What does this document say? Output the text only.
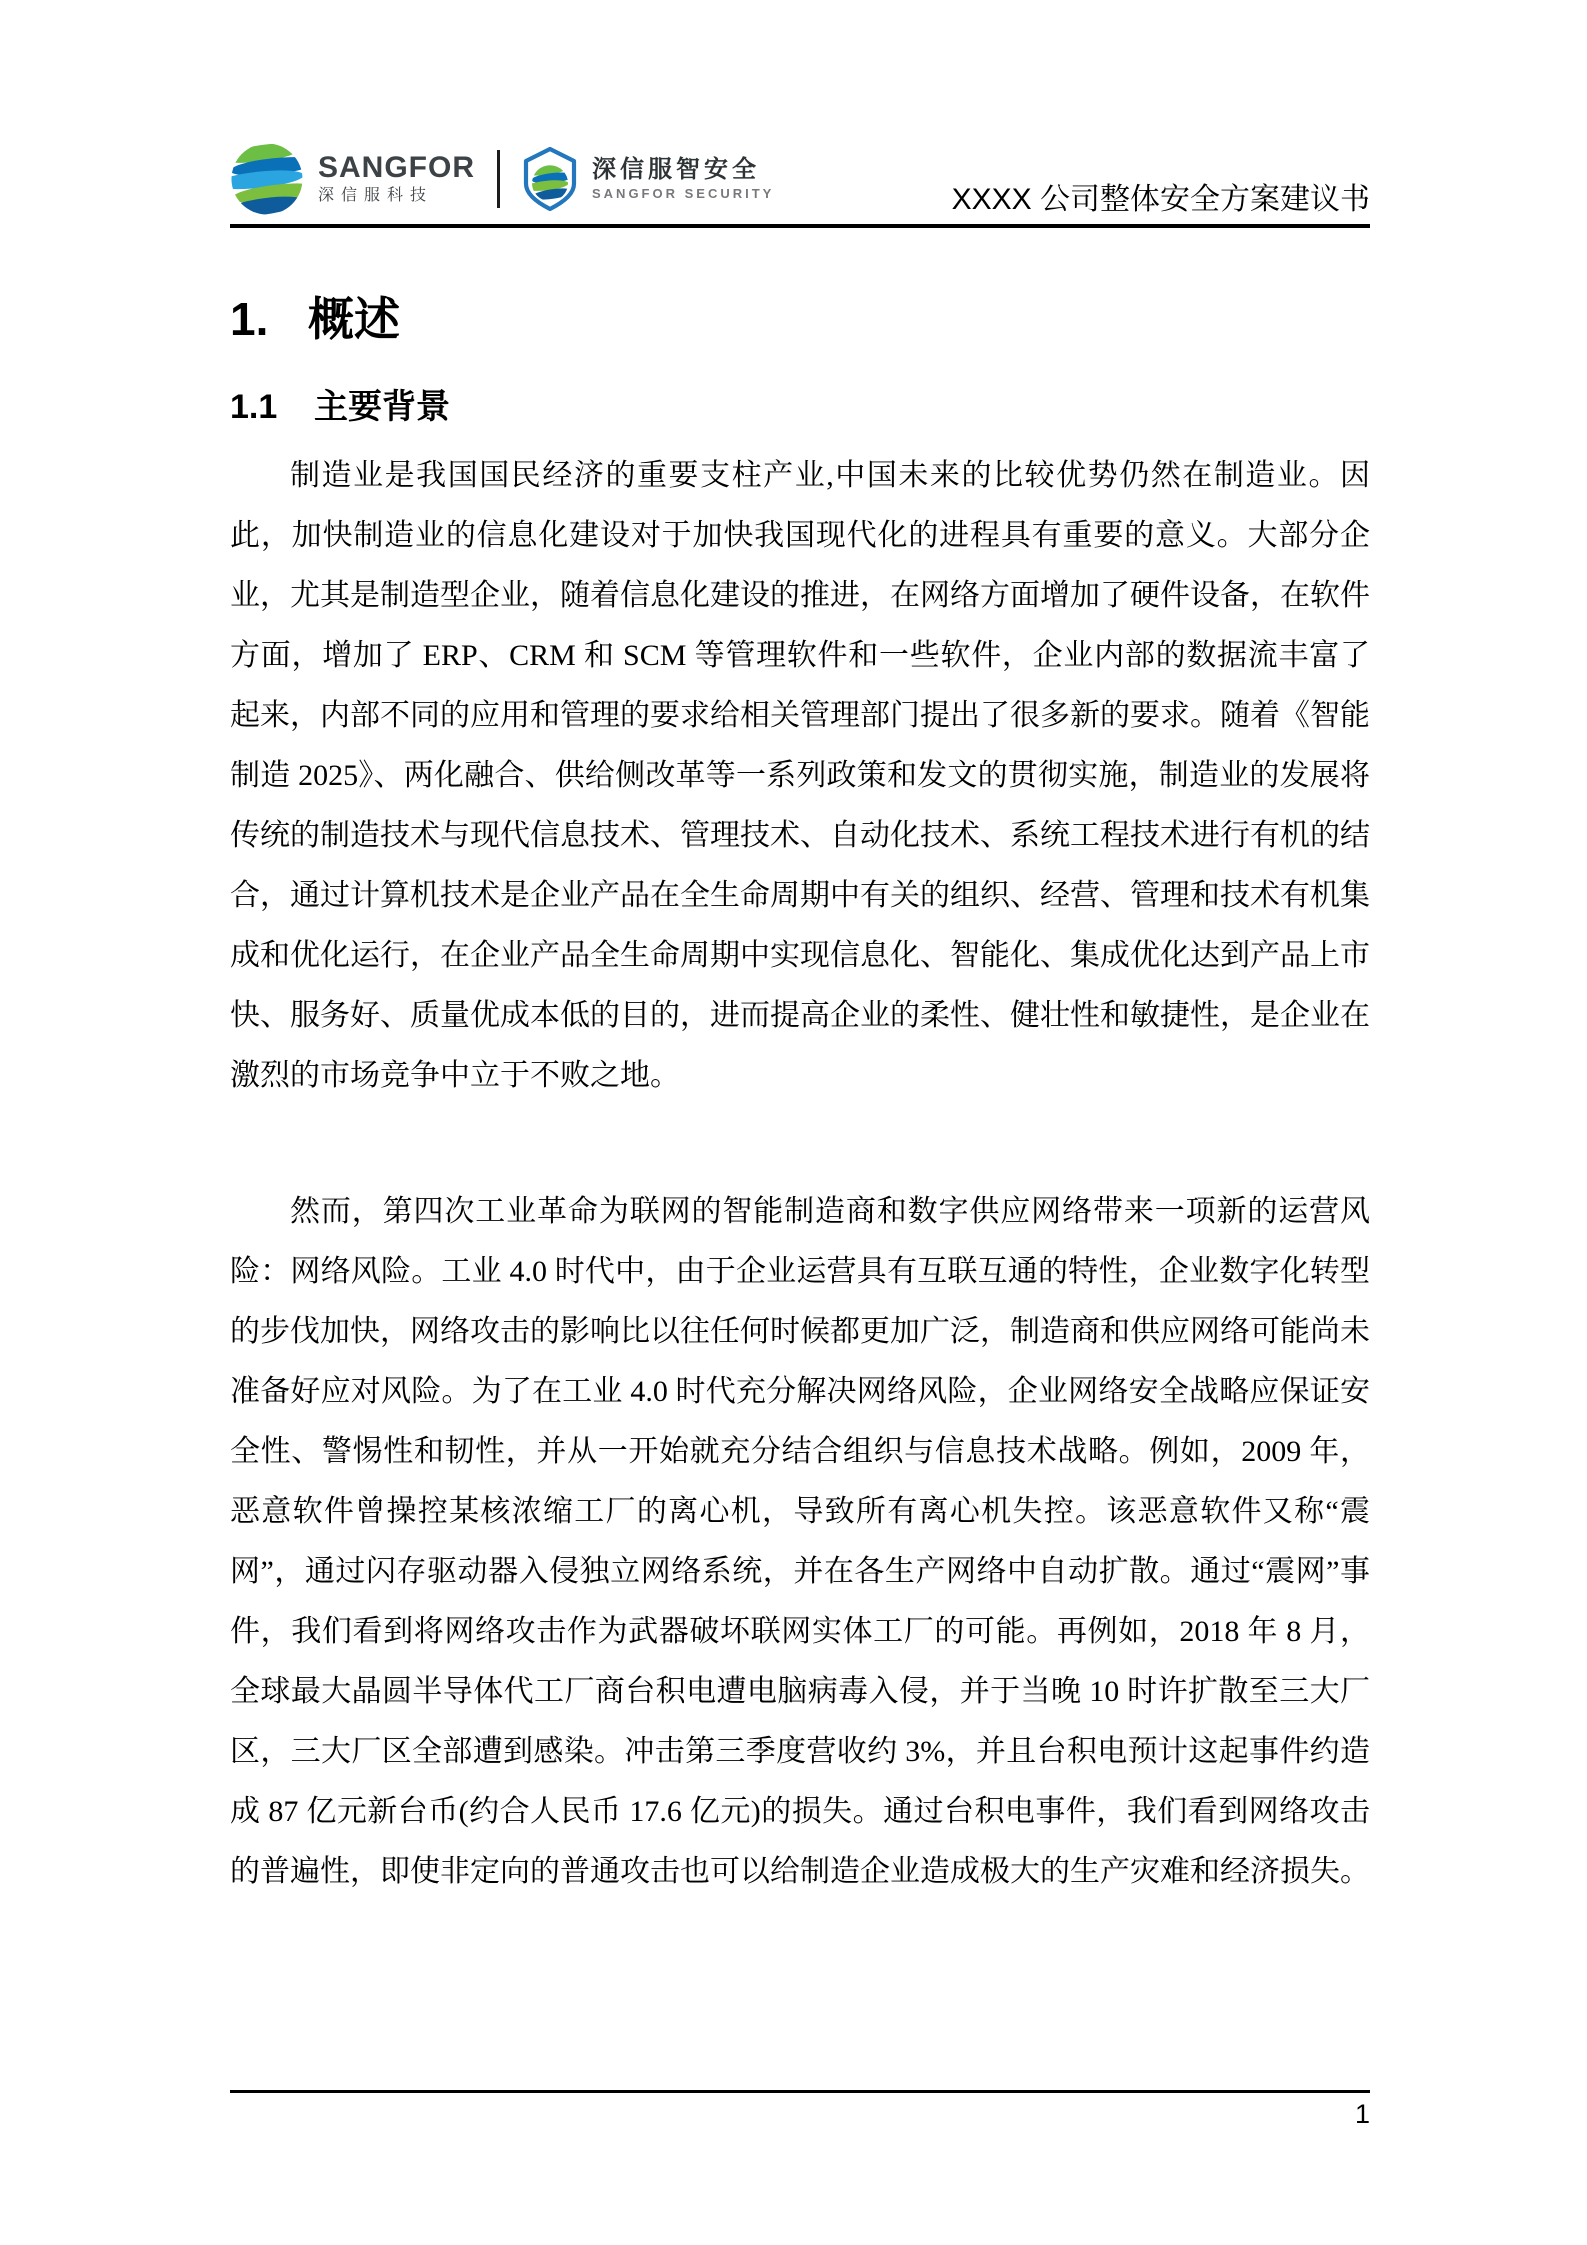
SANGFOR
深信服科技
深信服智安全
SANGFOR SECURITY	XXXX 公司整体安全方案建议书
1. 概述
1.1 主要背景

制造业是我国国民经济的重要支柱产业,中国未来的比较优势仍然在制造业。因此，加快制造业的信息化建设对于加快我国现代化的进程具有重要的意义。大部分企业，尤其是制造型企业，随着信息化建设的推进，在网络方面增加了硬件设备，在软件方面，增加了 ERP、CRM 和 SCM 等管理软件和一些软件，企业内部的数据流丰富了起来，内部不同的应用和管理的要求给相关管理部门提出了很多新的要求。随着《智能制造 2025》、两化融合、供给侧改革等一系列政策和发文的贯彻实施，制造业的发展将传统的制造技术与现代信息技术、管理技术、自动化技术、系统工程技术进行有机的结合，通过计算机技术是企业产品在全生命周期中有关的组织、经营、管理和技术有机集成和优化运行，在企业产品全生命周期中实现信息化、智能化、集成优化达到产品上市快、服务好、质量优成本低的目的，进而提高企业的柔性、健壮性和敏捷性，是企业在激烈的市场竞争中立于不败之地。

然而，第四次工业革命为联网的智能制造商和数字供应网络带来一项新的运营风险：网络风险。工业 4.0 时代中，由于企业运营具有互联互通的特性，企业数字化转型的步伐加快，网络攻击的影响比以往任何时候都更加广泛，制造商和供应网络可能尚未准备好应对风险。为了在工业 4.0 时代充分解决网络风险，企业网络安全战略应保证安全性、警惕性和韧性，并从一开始就充分结合组织与信息技术战略。例如，2009 年，恶意软件曾操控某核浓缩工厂的离心机，导致所有离心机失控。该恶意软件又称“震网”，通过闪存驱动器入侵独立网络系统，并在各生产网络中自动扩散。通过“震网”事件，我们看到将网络攻击作为武器破坏联网实体工厂的可能。再例如，2018 年 8 月，全球最大晶圆半导体代工厂商台积电遭电脑病毒入侵，并于当晚 10 时许扩散至三大厂区，三大厂区全部遭到感染。冲击第三季度营收约 3%，并且台积电预计这起事件约造成 87 亿元新台币(约合人民币 17.6 亿元)的损失。通过台积电事件，我们看到网络攻击的普遍性，即使非定向的普通攻击也可以给制造企业造成极大的生产灾难和经济损失。

1
